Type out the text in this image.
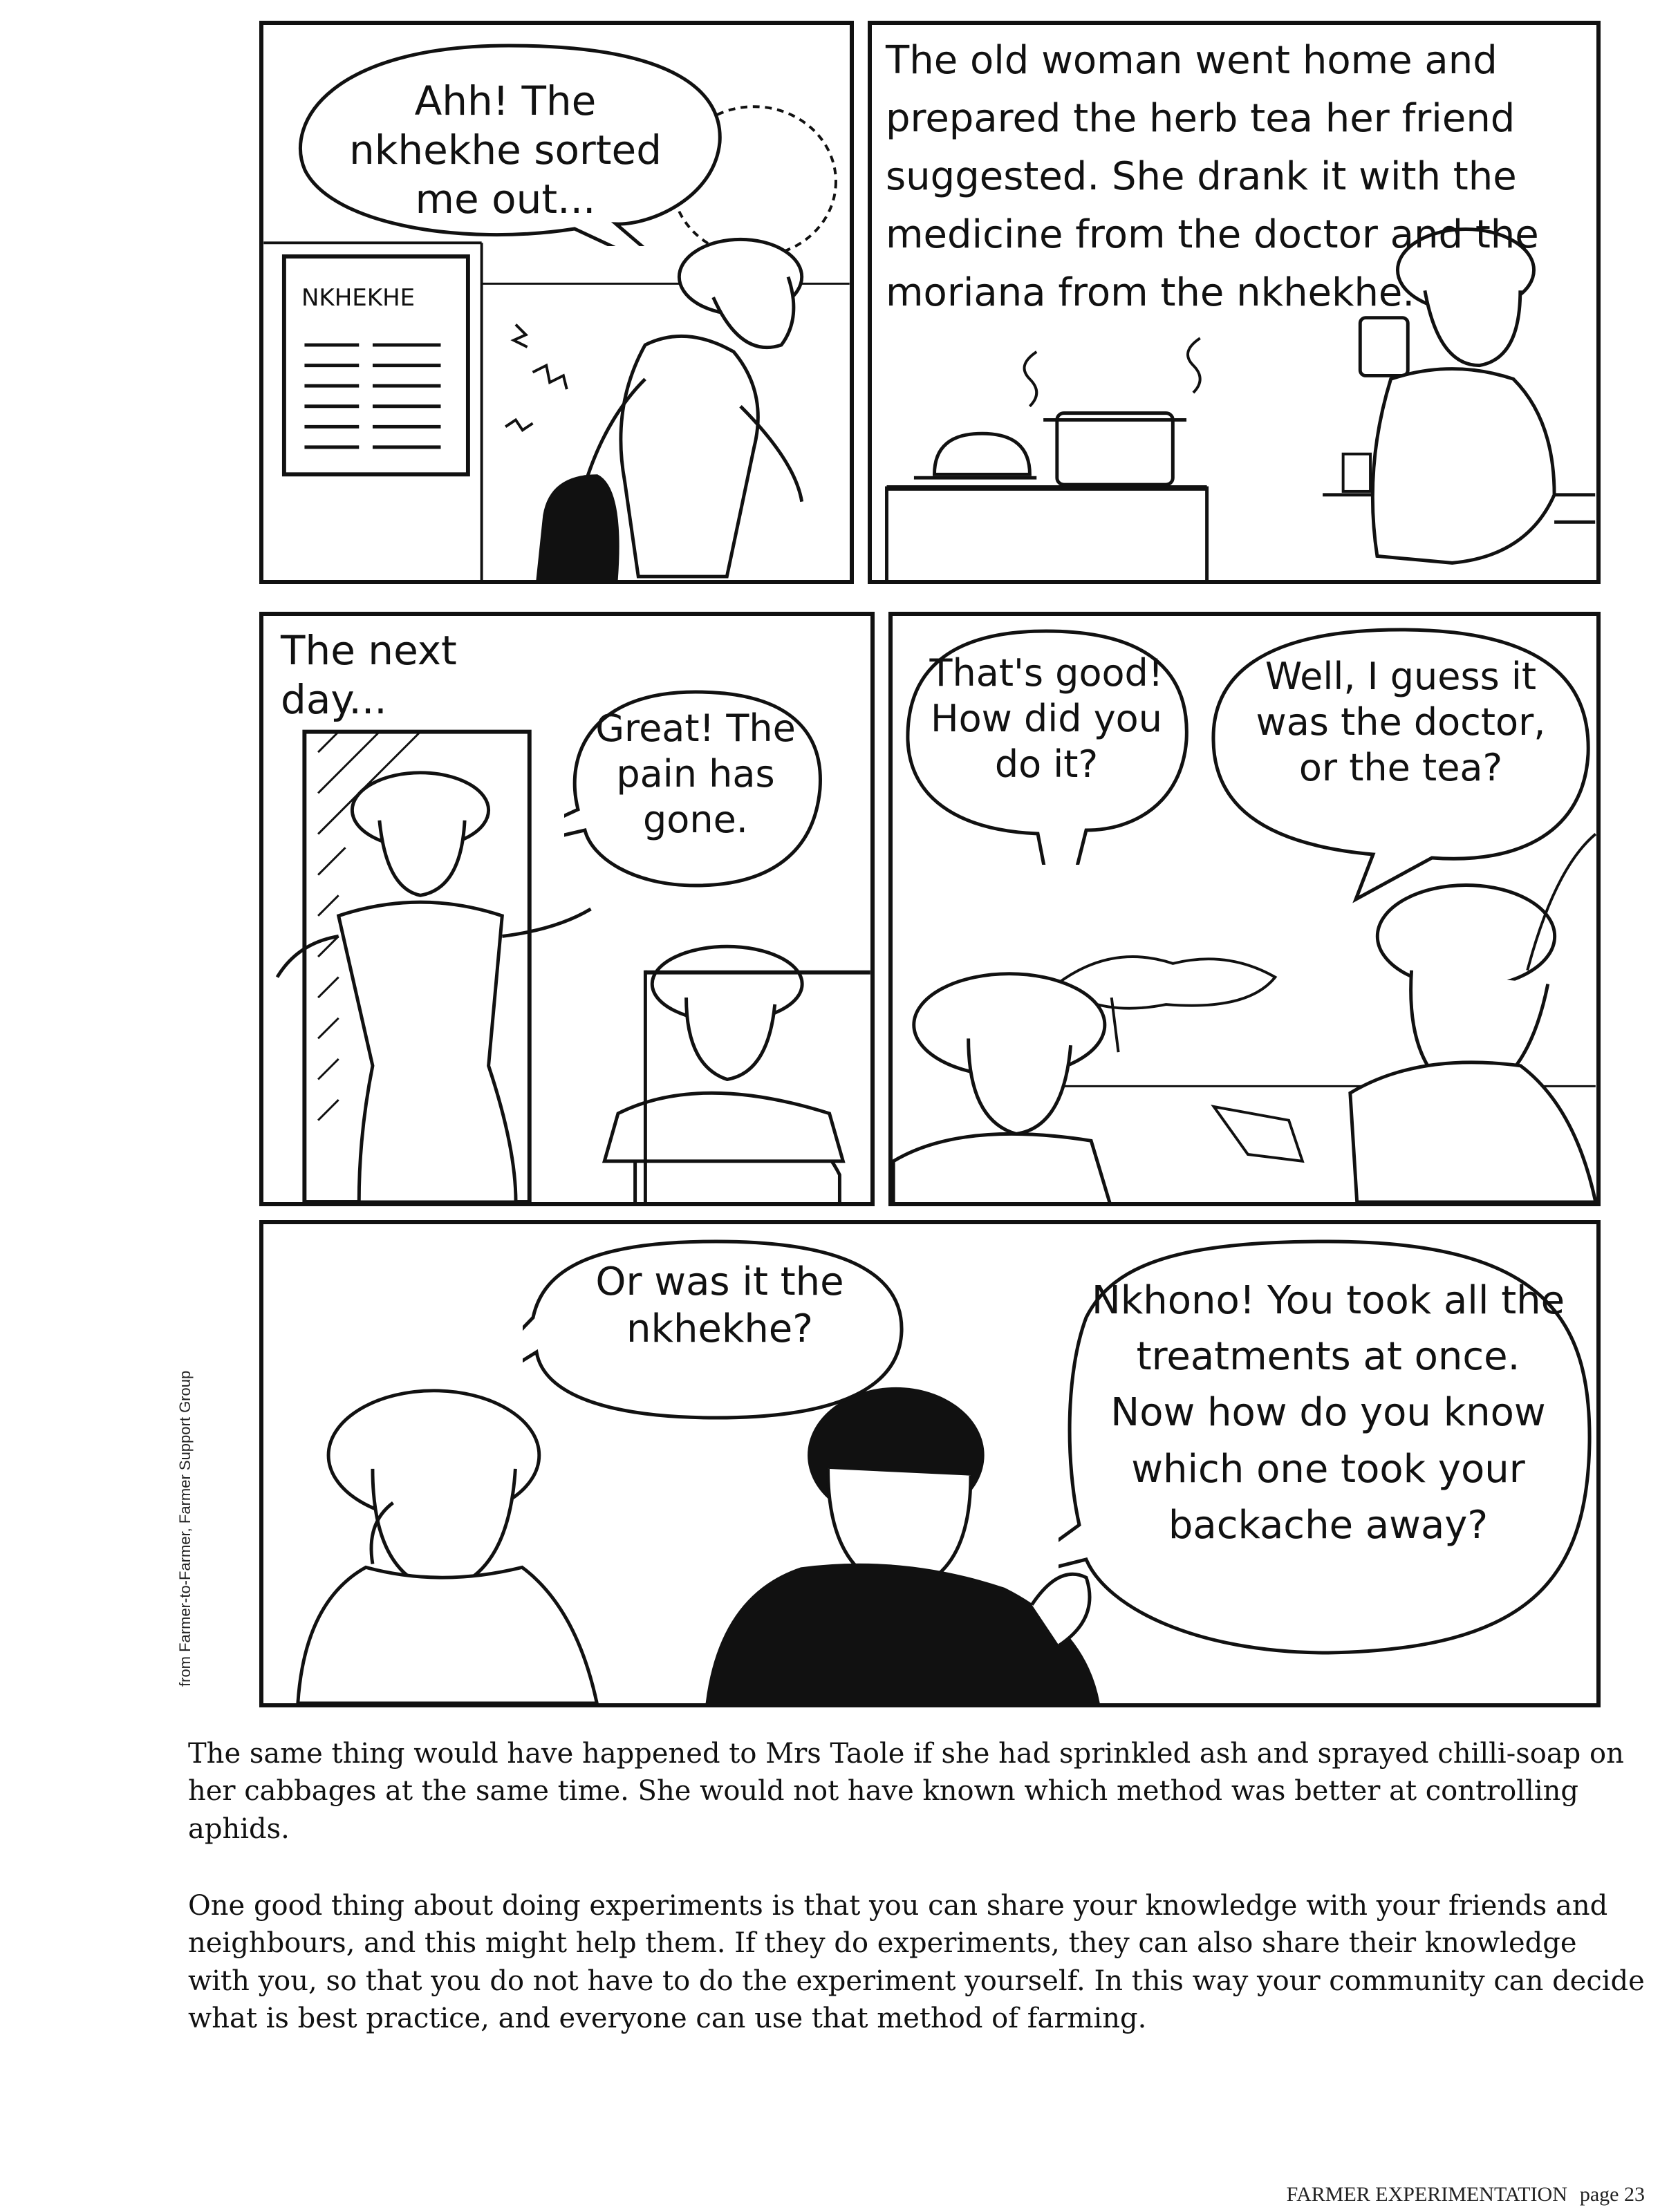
Ahh! The nkhekhe sorted me out...
NKHEKHE
The old woman went home and prepared the herb tea her friend suggested. She drank it with the medicine from the doctor and the moriana from the nkhekhe.
The next day...
Great! The pain has gone.
That's good! How did you do it?
Well, I guess it was the doctor, or the tea?
Or was it the nkhekhe?
Nkhono! You took all the treatments at once. Now how do you know which one took your backache away?
from Farmer-to-Farmer, Farmer Support Group

The same thing would have happened to Mrs Taole if she had sprinkled ash and sprayed chilli-soap on her cabbages at the same time. She would not have known which method was better at controlling aphids.

One good thing about doing experiments is that you can share your knowledge with your friends and neighbours, and this might help them. If they do experiments, they can also share their knowledge with you, so that you do not have to do the experiment yourself. In this way your community can decide what is best practice, and everyone can use that method of farming.

FARMER EXPERIMENTATION page 23
